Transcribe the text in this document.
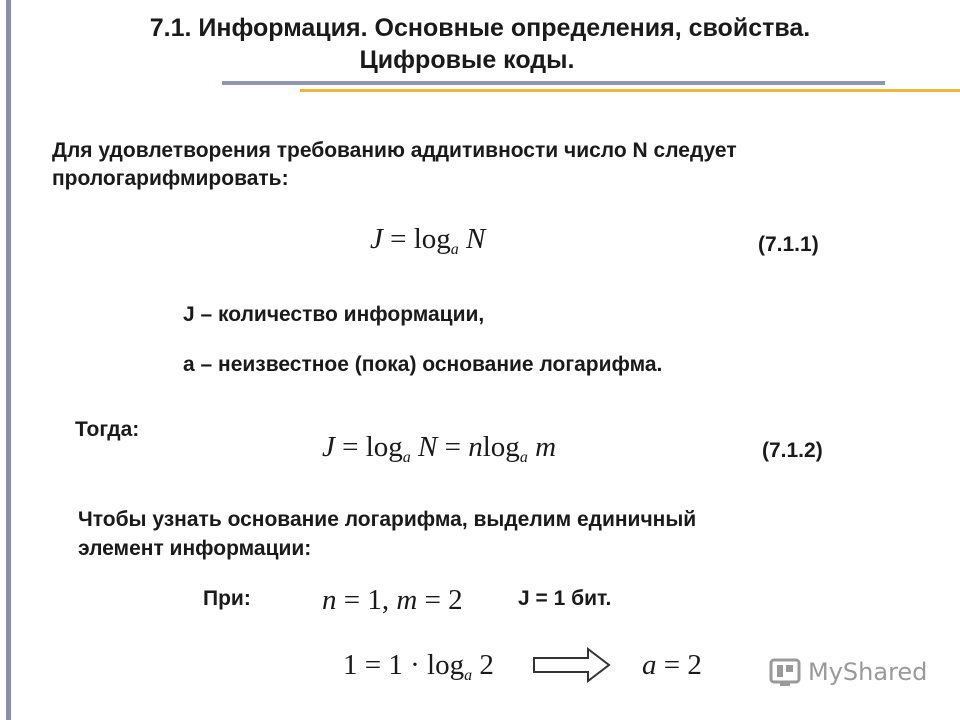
7.1. Информация. Основные определения, свойства.
Цифровые коды.
Для удовлетворения требованию аддитивности число N следует
прологарифмировать:
$J = \log_a N$	(7.1.1)
J – количество информации,
a – неизвестное (пока) основание логарифма.
Тогда:
$J = \log_a N = nlog_a$ m	(7.1.2)
Чтобы узнать основание логарифма, выделим единичный
элемент информации:
При: n = 1, m = 2	J = 1 бит.
$1 = 1 \cdot \log_a 2$	a = 2	MyShared
